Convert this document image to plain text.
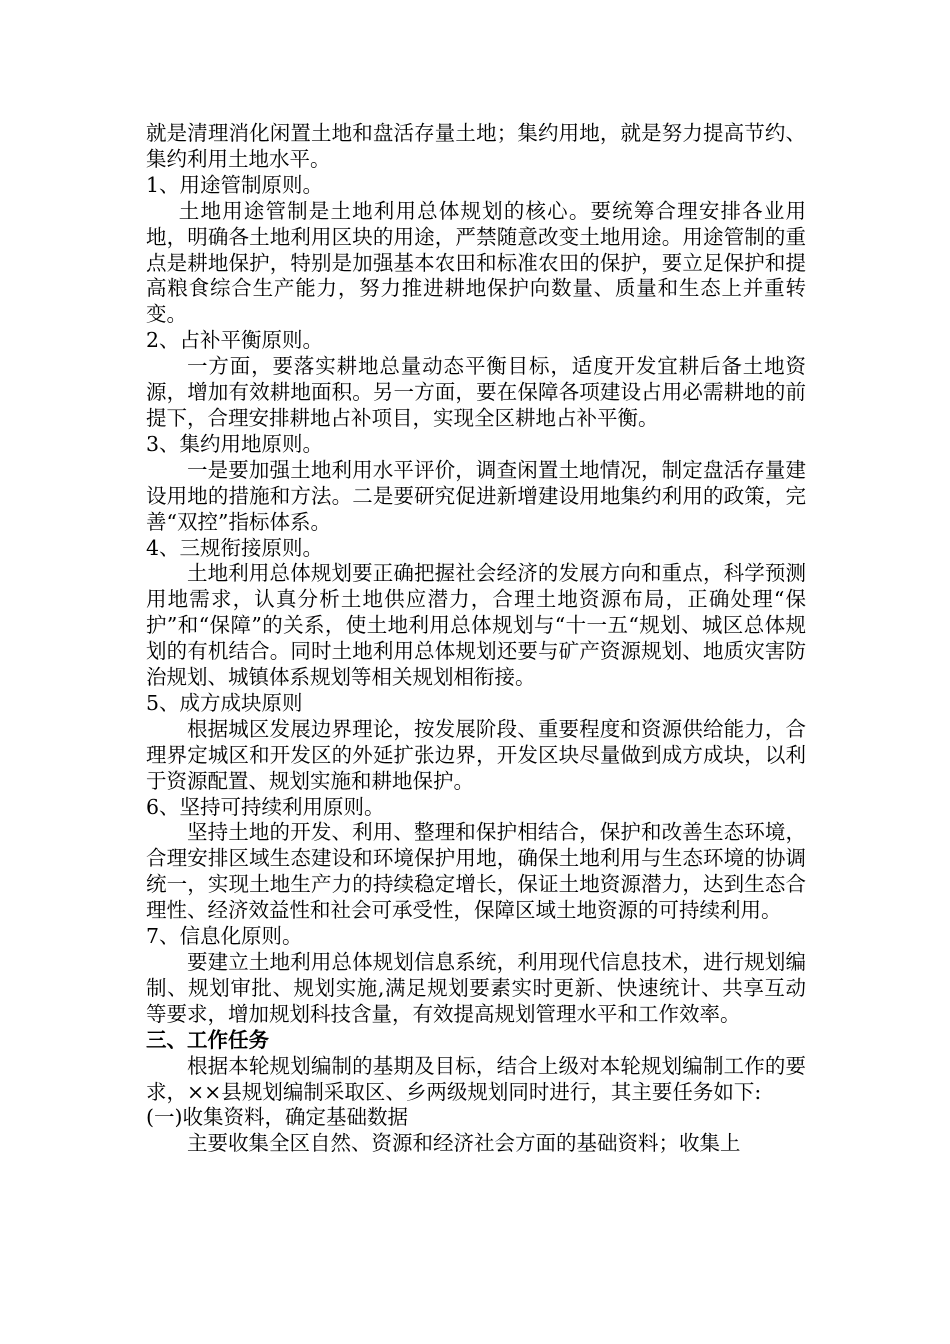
就是清理消化闲置土地和盘活存量土地；集约用地，就是努力提高节约、集约利用土地水平。

1、用途管制原则。

土地用途管制是土地利用总体规划的核心。要统筹合理安排各业用地，明确各土地利用区块的用途，严禁随意改变土地用途。用途管制的重点是耕地保护，特别是加强基本农田和标准农田的保护，要立足保护和提高粮食综合生产能力，努力推进耕地保护向数量、质量和生态上并重转变。

2、占补平衡原则。

一方面，要落实耕地总量动态平衡目标，适度开发宜耕后备土地资源，增加有效耕地面积。另一方面，要在保障各项建设占用必需耕地的前提下，合理安排耕地占补项目，实现全区耕地占补平衡。

3、集约用地原则。

一是要加强土地利用水平评价，调查闲置土地情况，制定盘活存量建设用地的措施和方法。二是要研究促进新增建设用地集约利用的政策，完善“双控”指标体系。

4、三规衔接原则。

土地利用总体规划要正确把握社会经济的发展方向和重点，科学预测用地需求，认真分析土地供应潜力，合理土地资源布局，正确处理“保护”和“保障”的关系，使土地利用总体规划与“十一五“规划、城区总体规划的有机结合。同时土地利用总体规划还要与矿产资源规划、地质灾害防治规划、城镇体系规划等相关规划相衔接。

5、成方成块原则

根据城区发展边界理论，按发展阶段、重要程度和资源供给能力，合理界定城区和开发区的外延扩张边界，开发区块尽量做到成方成块，以利于资源配置、规划实施和耕地保护。

6、坚持可持续利用原则。

坚持土地的开发、利用、整理和保护相结合，保护和改善生态环境，合理安排区域生态建设和环境保护用地，确保土地利用与生态环境的协调统一，实现土地生产力的持续稳定增长，保证土地资源潜力，达到生态合理性、经济效益性和社会可承受性，保障区域土地资源的可持续利用。

7、信息化原则。

要建立土地利用总体规划信息系统，利用现代信息技术，进行规划编制、规划审批、规划实施,满足规划要素实时更新、快速统计、共享互动等要求，增加规划科技含量，有效提高规划管理水平和工作效率。

三、工作任务

根据本轮规划编制的基期及目标，结合上级对本轮规划编制工作的要求，××县规划编制采取区、乡两级规划同时进行，其主要任务如下:

(一)收集资料，确定基础数据

主要收集全区自然、资源和经济社会方面的基础资料；收集上
